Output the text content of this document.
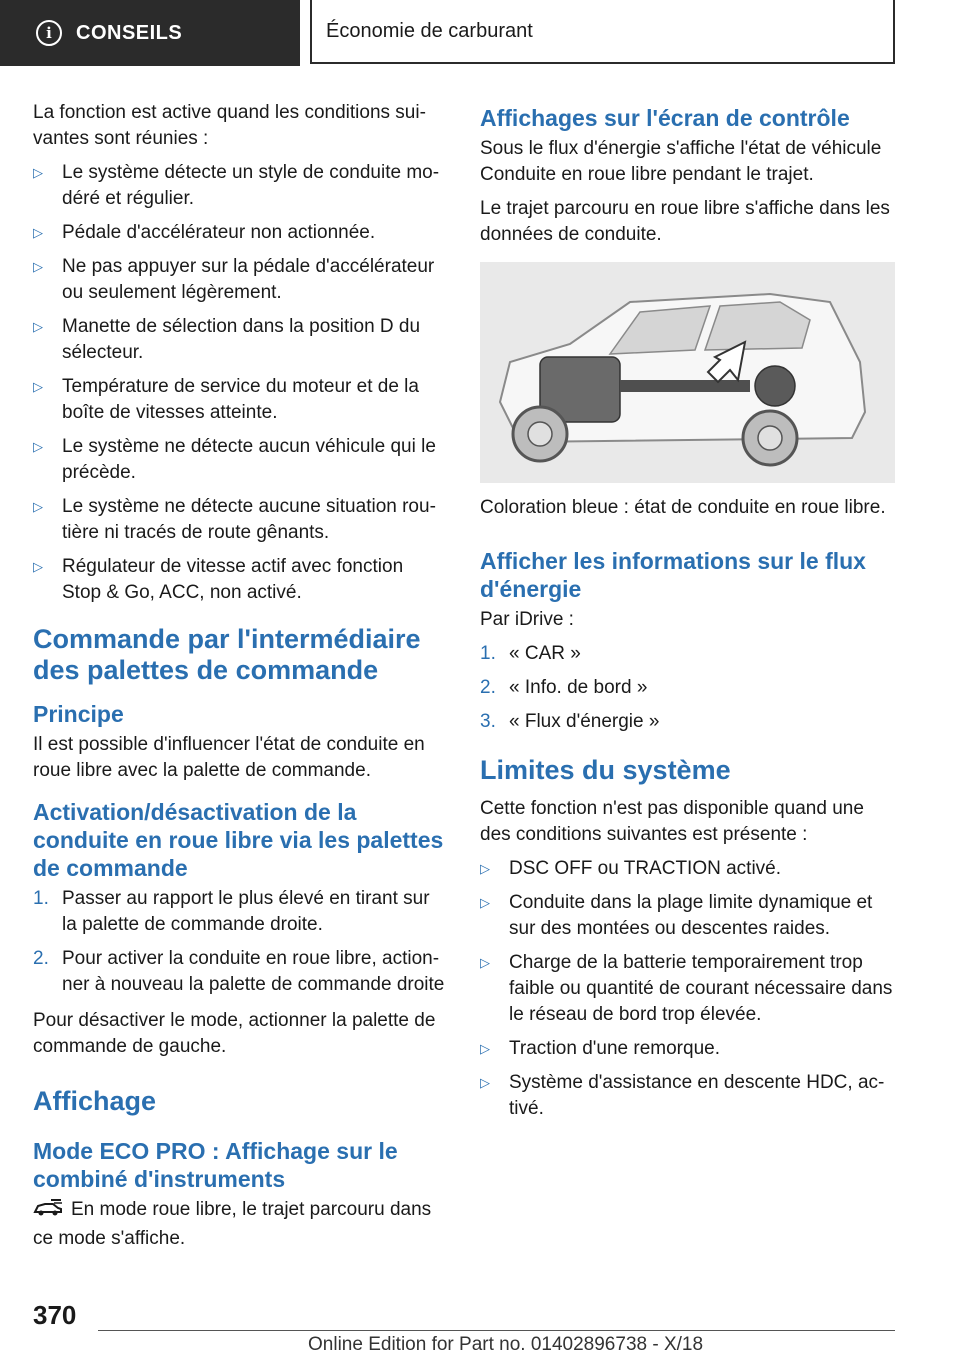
i	CONSEILS	Économie de carburant

La fonction est active quand les conditions sui-vantes sont réunies :

▷	Le système détecte un style de conduite mo-déré et régulier.
▷	Pédale d'accélérateur non actionnée.
▷	Ne pas appuyer sur la pédale d'accélérateur ou seulement légèrement.
▷	Manette de sélection dans la position D du sélecteur.
▷	Température de service du moteur et de la boîte de vitesses atteinte.
▷	Le système ne détecte aucun véhicule qui le précède.
▷	Le système ne détecte aucune situation rou-tière ni tracés de route gênants.
▷	Régulateur de vitesse actif avec fonction Stop & Go, ACC, non activé.
Commande par l'intermédiaire des palettes de commande
Principe

Il est possible d'influencer l'état de conduite en roue libre avec la palette de commande.

Activation/désactivation de la conduite en roue libre via les palettes de commande
1. Passer au rapport le plus élevé en tirant sur la palette de commande droite.
2. Pour activer la conduite en roue libre, action-ner à nouveau la palette de commande droite

Pour désactiver le mode, actionner la palette de commande de gauche.

Affichage
Mode ECO PRO : Affichage sur le combiné d'instruments

En mode roue libre, le trajet parcouru dans ce mode s'affiche.

Affichages sur l'écran de contrôle

Sous le flux d'énergie s'affiche l'état de véhicule Conduite en roue libre pendant le trajet.

Le trajet parcouru en roue libre s'affiche dans les données de conduite.

Coloration bleue : état de conduite en roue libre.

Afficher les informations sur le flux d'énergie

Par iDrive :

1. « CAR »
2. « Info. de bord »
3. « Flux d'énergie »
Limites du système

Cette fonction n'est pas disponible quand une des conditions suivantes est présente :

▷	DSC OFF ou TRACTION activé.
▷	Conduite dans la plage limite dynamique et sur des montées ou descentes raides.
▷	Charge de la batterie temporairement trop faible ou quantité de courant nécessaire dans le réseau de bord trop élevée.
▷	Traction d'une remorque.
▷	Système d'assistance en descente HDC, ac-tivé.
370
Online Edition for Part no. 01402896738 - X/18
